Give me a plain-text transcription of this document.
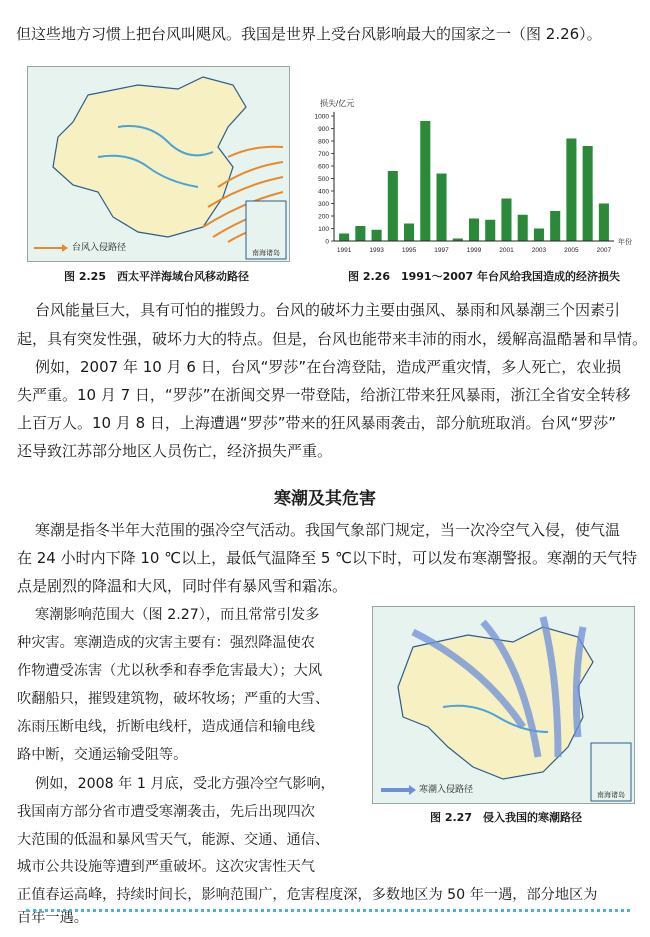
但这些地方习惯上把台风叫飓风。我国是世界上受台风影响最大的国家之一（图 2.26）。
台风入侵路径	南海诸岛
图 2.25　西太平洋海域台风移动路径
损失/亿元
年份
0
100
200
300
400
500
600
700
800
900
1000
1991	1993	1995	1997	1999	2001	2003	2005	2007
图 2.26　1991～2007 年台风给我国造成的经济损失
台风能量巨大，具有可怕的摧毁力。台风的破坏力主要由强风、暴雨和风暴潮三个因素引
起，具有突发性强，破坏力大的特点。但是，台风也能带来丰沛的雨水，缓解高温酷暑和旱情。
例如，2007 年 10 月 6 日，台风“罗莎”在台湾登陆，造成严重灾情，多人死亡，农业损
失严重。10 月 7 日，“罗莎”在浙闽交界一带登陆，给浙江带来狂风暴雨，浙江全省安全转移
上百万人。10 月 8 日，上海遭遇“罗莎”带来的狂风暴雨袭击，部分航班取消。台风“罗莎”
还导致江苏部分地区人员伤亡，经济损失严重。
寒潮及其危害
寒潮是指冬半年大范围的强冷空气活动。我国气象部门规定，当一次冷空气入侵，使气温
在 24 小时内下降 10 ℃以上，最低气温降至 5 ℃以下时，可以发布寒潮警报。寒潮的天气特
点是剧烈的降温和大风，同时伴有暴风雪和霜冻。
寒潮影响范围大（图 2.27），而且常常引发多
种灾害。寒潮造成的灾害主要有：强烈降温使农
作物遭受冻害（尤以秋季和春季危害最大）；大风
吹翻船只，摧毁建筑物，破坏牧场；严重的大雪、
冻雨压断电线，折断电线杆，造成通信和输电线
路中断，交通运输受阻等。
例如，2008 年 1 月底，受北方强冷空气影响，
我国南方部分省市遭受寒潮袭击，先后出现四次
大范围的低温和暴风雪天气，能源、交通、通信、
城市公共设施等遭到严重破坏。这次灾害性天气
正值春运高峰，持续时间长，影响范围广，危害程度深，多数地区为 50 年一遇，部分地区为
百年一遇。
寒潮入侵路径	南海诸岛
图 2.27　侵入我国的寒潮路径
